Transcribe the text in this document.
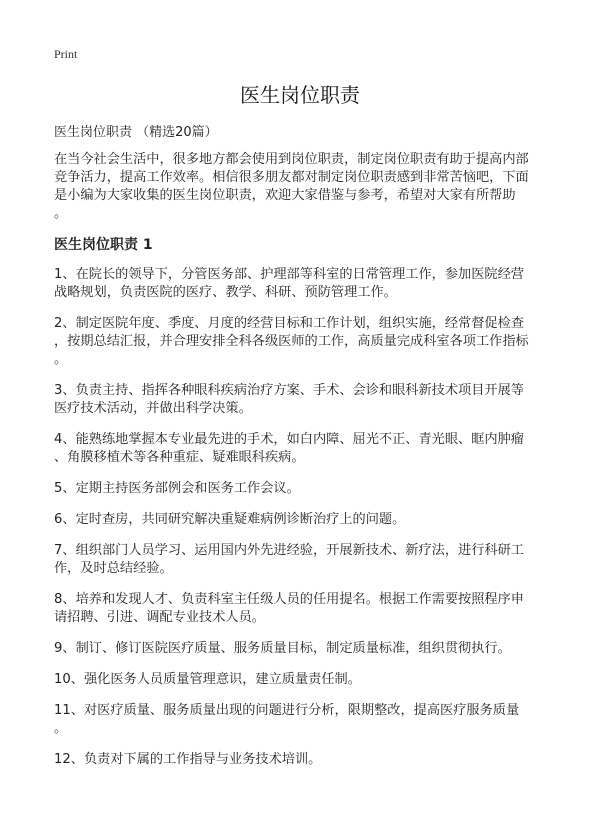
Print
医生岗位职责
医生岗位职责 （精选20篇）
在当今社会生活中，很多地方都会使用到岗位职责，制定岗位职责有助于提高内部
竞争活力，提高工作效率。相信很多朋友都对制定岗位职责感到非常苦恼吧，下面
是小编为大家收集的医生岗位职责，欢迎大家借鉴与参考，希望对大家有所帮助
。
医生岗位职责 1
1、在院长的领导下，分管医务部、护理部等科室的日常管理工作，参加医院经营
战略规划，负责医院的医疗、教学、科研、预防管理工作。
2、制定医院年度、季度、月度的经营目标和工作计划，组织实施，经常督促检查
，按期总结汇报，并合理安排全科各级医师的工作，高质量完成科室各项工作指标
。
3、负责主持、指挥各种眼科疾病治疗方案、手术、会诊和眼科新技术项目开展等
医疗技术活动，并做出科学决策。
4、能熟练地掌握本专业最先进的手术，如白内障、屈光不正、青光眼、眶内肿瘤
、角膜移植术等各种重症、疑难眼科疾病。
5、定期主持医务部例会和医务工作会议。
6、定时查房，共同研究解决重疑难病例诊断治疗上的问题。
7、组织部门人员学习、运用国内外先进经验，开展新技术、新疗法，进行科研工
作，及时总结经验。
8、培养和发现人才、负责科室主任级人员的任用提名。根据工作需要按照程序申
请招聘、引进、调配专业技术人员。
9、制订、修订医院医疗质量、服务质量目标，制定质量标准，组织贯彻执行。
10、强化医务人员质量管理意识，建立质量责任制。
11、对医疗质量、服务质量出现的问题进行分析，限期整改，提高医疗服务质量
。
12、负责对下属的工作指导与业务技术培训。
